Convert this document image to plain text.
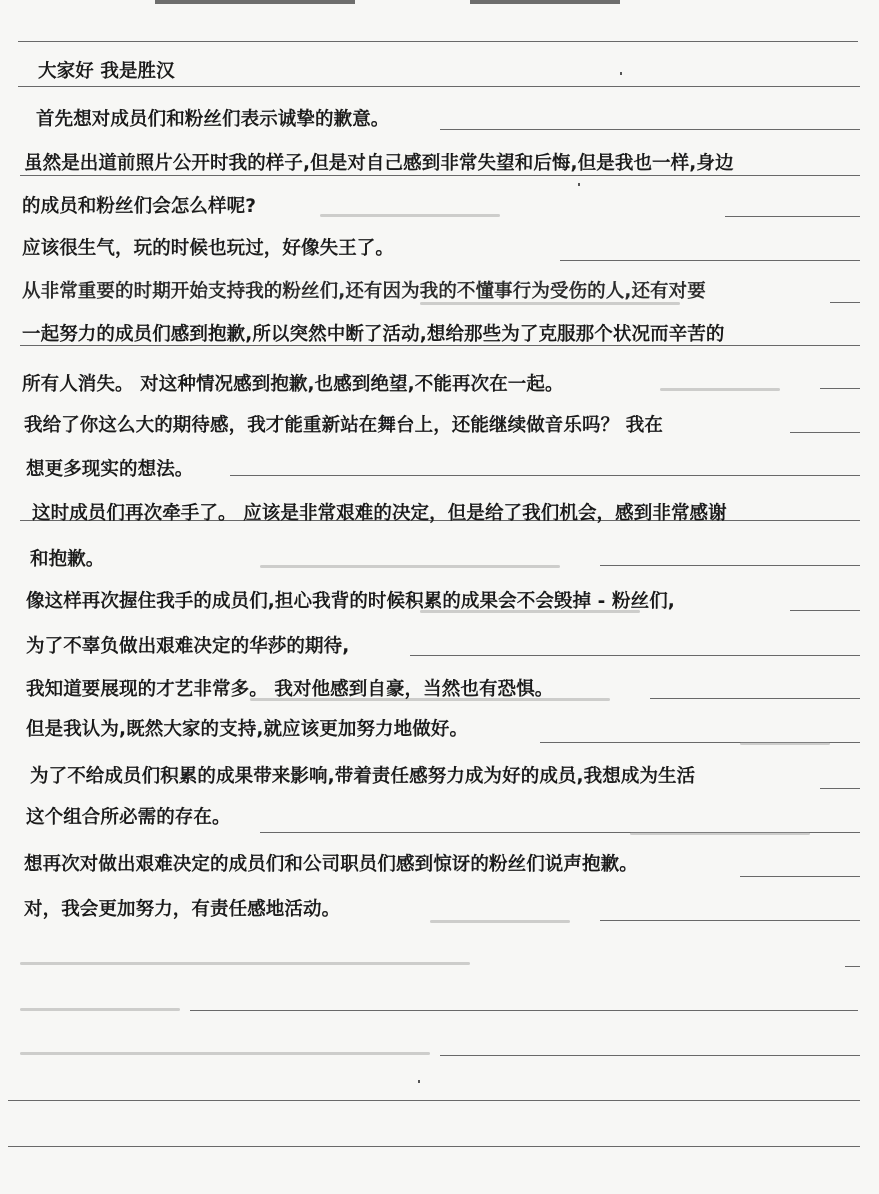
大家好 我是胜汉
首先想对成员们和粉丝们表示诚挚的歉意。
虽然是出道前照片公开时我的样子,但是对自己感到非常失望和后悔,但是我也一样,身边
的成员和粉丝们会怎么样呢?
应该很生气，玩的时候也玩过，好像失王了。
从非常重要的时期开始支持我的粉丝们,还有因为我的不懂事行为受伤的人,还有对要
一起努力的成员们感到抱歉,所以突然中断了活动,想给那些为了克服那个状况而辛苦的
所有人消失。 对这种情况感到抱歉,也感到绝望,不能再次在一起。
我给了你这么大的期待感，我才能重新站在舞台上，还能继续做音乐吗？ 我在
想更多现实的想法。
这时成员们再次牵手了。 应该是非常艰难的决定，但是给了我们机会，感到非常感谢
和抱歉。
像这样再次握住我手的成员们,担心我背的时候积累的成果会不会毁掉 - 粉丝们,
为了不辜负做出艰难决定的华莎的期待,
我知道要展现的才艺非常多。 我对他感到自豪，当然也有恐惧。
但是我认为,既然大家的支持,就应该更加努力地做好。
为了不给成员们积累的成果带来影响,带着责任感努力成为好的成员,我想成为生活
这个组合所必需的存在。
想再次对做出艰难决定的成员们和公司职员们感到惊讶的粉丝们说声抱歉。
对，我会更加努力，有责任感地活动。
